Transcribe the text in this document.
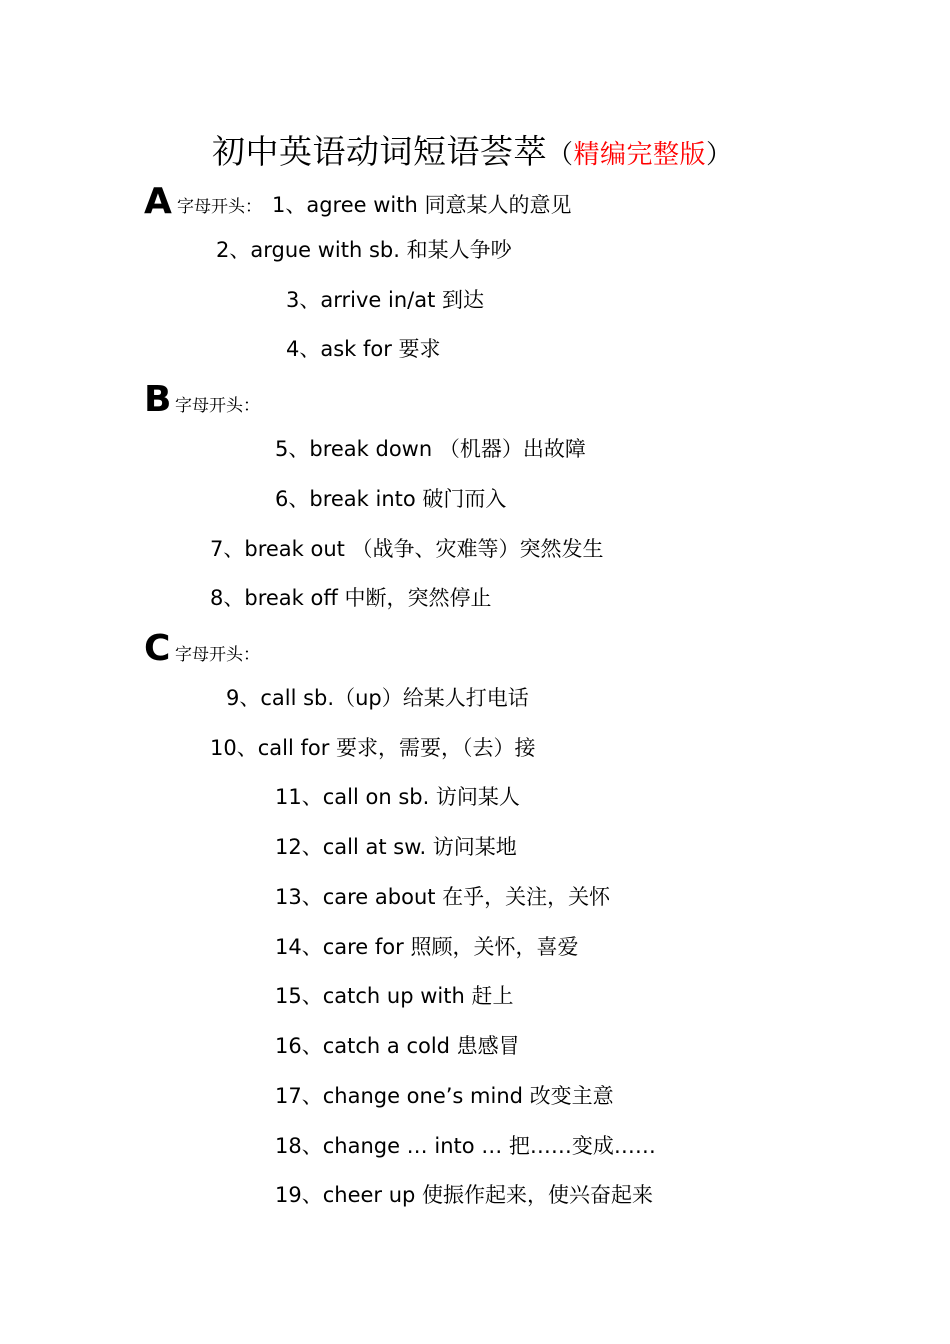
初中英语动词短语荟萃（精编完整版）
A 字母开头： 1、agree with 同意某人的意见
2、argue with sb. 和某人争吵
3、arrive in/at 到达
4、ask for 要求
B 字母开头：
5、break down （机器）出故障
6、break into 破门而入
7、break out （战争、灾难等）突然发生
8、break off 中断，突然停止
C 字母开头：
9、call sb.（up）给某人打电话
10、call for 要求，需要，（去）接
11、call on sb. 访问某人
12、call at sw. 访问某地
13、care about 在乎，关注，关怀
14、care for 照顾，关怀，喜爱
15、catch up with 赶上
16、catch a cold 患感冒
17、change one’s mind 改变主意
18、change … into … 把……变成……
19、cheer up 使振作起来，使兴奋起来
